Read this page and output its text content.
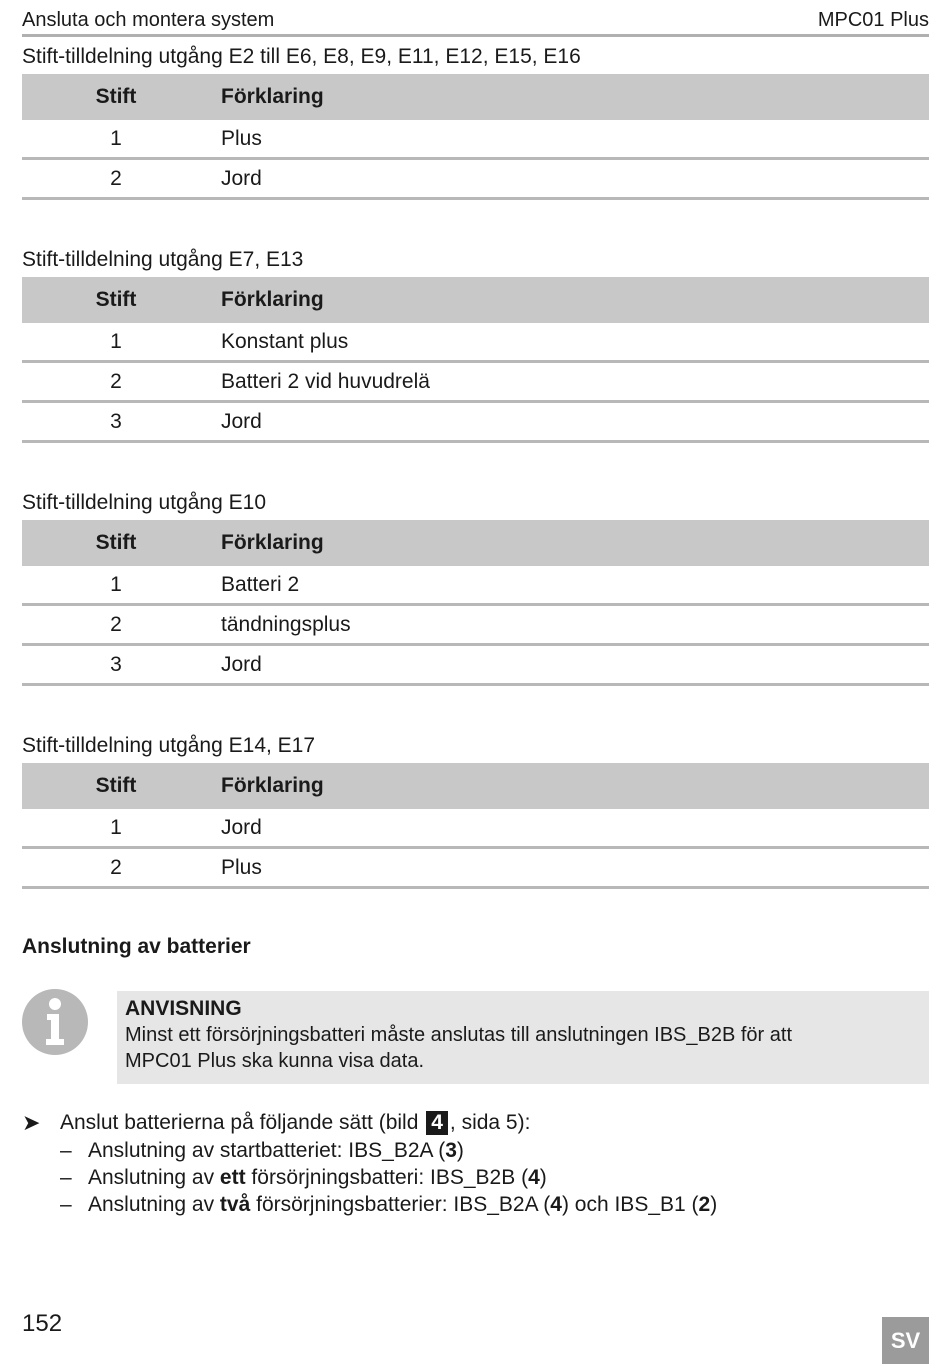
Ansluta och montera system	MPC01 Plus
Stift-tilldelning utgång E2 till E6, E8, E9, E11, E12, E15, E16
Stift	Förklaring
1	Plus
2	Jord
Stift-tilldelning utgång E7, E13
Stift	Förklaring
1	Konstant plus
2	Batteri 2 vid huvudrelä
3	Jord
Stift-tilldelning utgång E10
Stift	Förklaring
1	Batteri 2
2	tändningsplus
3	Jord
Stift-tilldelning utgång E14, E17
Stift	Förklaring
1	Jord
2	Plus
Anslutning av batterier
ANVISNING
Minst ett försörjningsbatteri måste anslutas till anslutningen IBS_B2B för att
MPC01 Plus ska kunna visa data.
➤ Anslut batterierna på följande sätt (bild 4 , sida 5):
– Anslutning av startbatteriet: IBS_B2A (3)
– Anslutning av ett försörjningsbatteri: IBS_B2B (4)
– Anslutning av två försörjningsbatterier: IBS_B2A (4) och IBS_B1 (2)
152
SV
